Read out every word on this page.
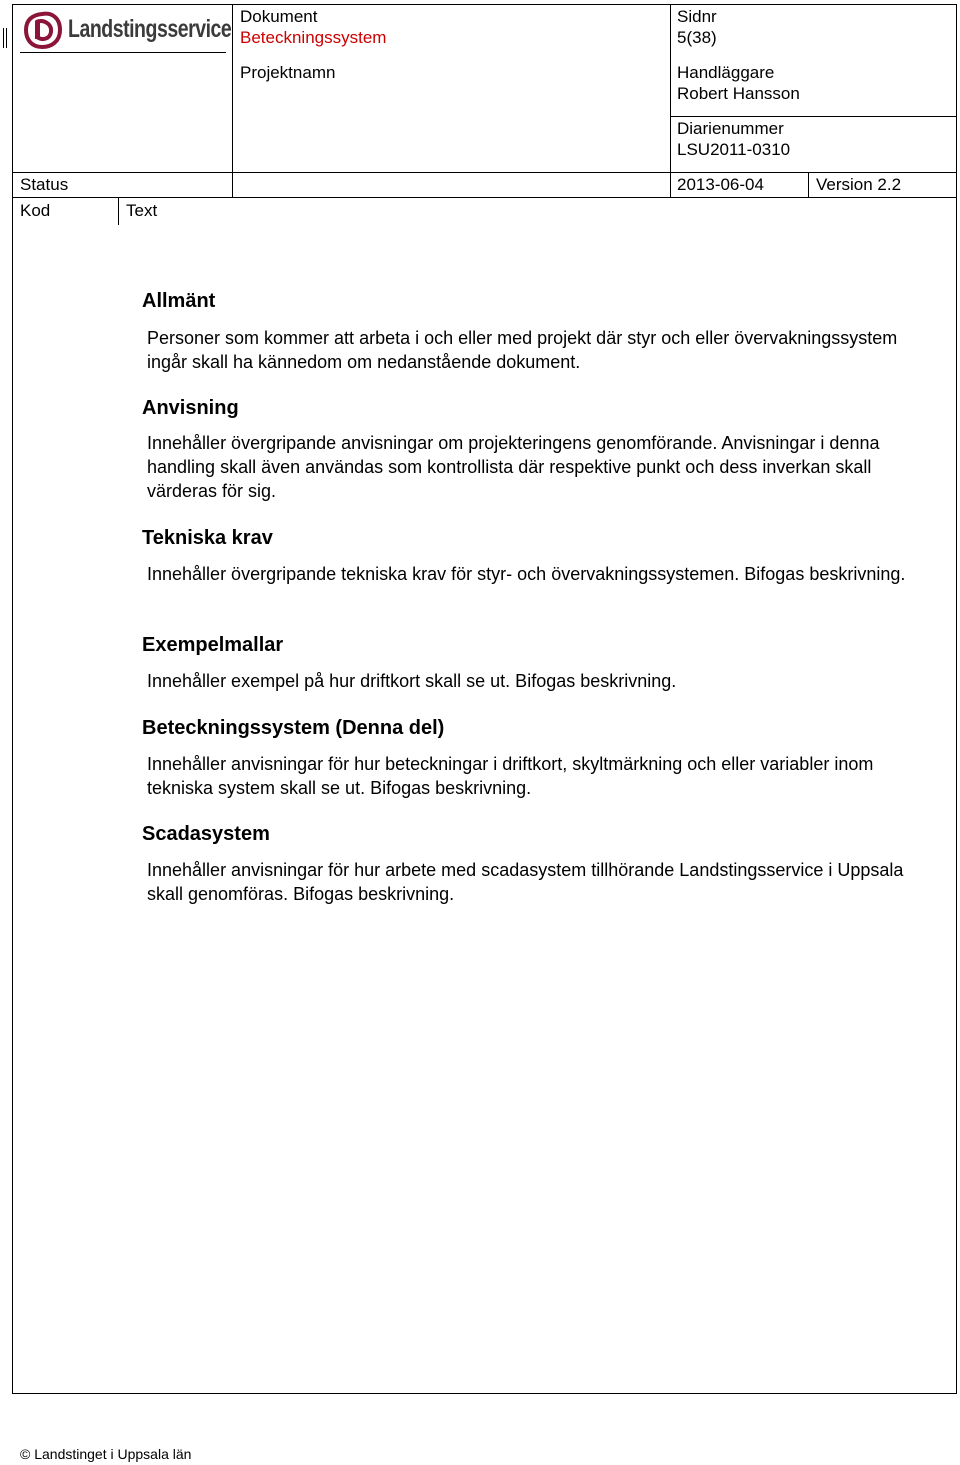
Landstingsservice Dokument
Beteckningssystem
Sidnr
5(38)
Projektnamn	Handläggare
Robert Hansson
Diarienummer
LSU2011-0310
Status	2013-06-04	Version 2.2
Kod	Text
Allmänt

Personer som kommer att arbeta i och eller med projekt där styr och eller övervakningssystem ingår skall ha kännedom om nedanstående dokument.

Anvisning

Innehåller övergripande anvisningar om projekteringens genomförande. Anvisningar i denna handling skall även användas som kontrollista där respektive punkt och dess inverkan skall värderas för sig.

Tekniska krav

Innehåller övergripande tekniska krav för styr- och övervakningssystemen. Bifogas beskrivning.

Exempelmallar

Innehåller exempel på hur driftkort skall se ut. Bifogas beskrivning.

Beteckningssystem (Denna del)

Innehåller anvisningar för hur beteckningar i driftkort, skyltmärkning och eller variabler inom tekniska system skall se ut. Bifogas beskrivning.

Scadasystem

Innehåller anvisningar för hur arbete med scadasystem tillhörande Landstingsservice i Uppsala skall genomföras. Bifogas beskrivning.

© Landstinget i Uppsala län
